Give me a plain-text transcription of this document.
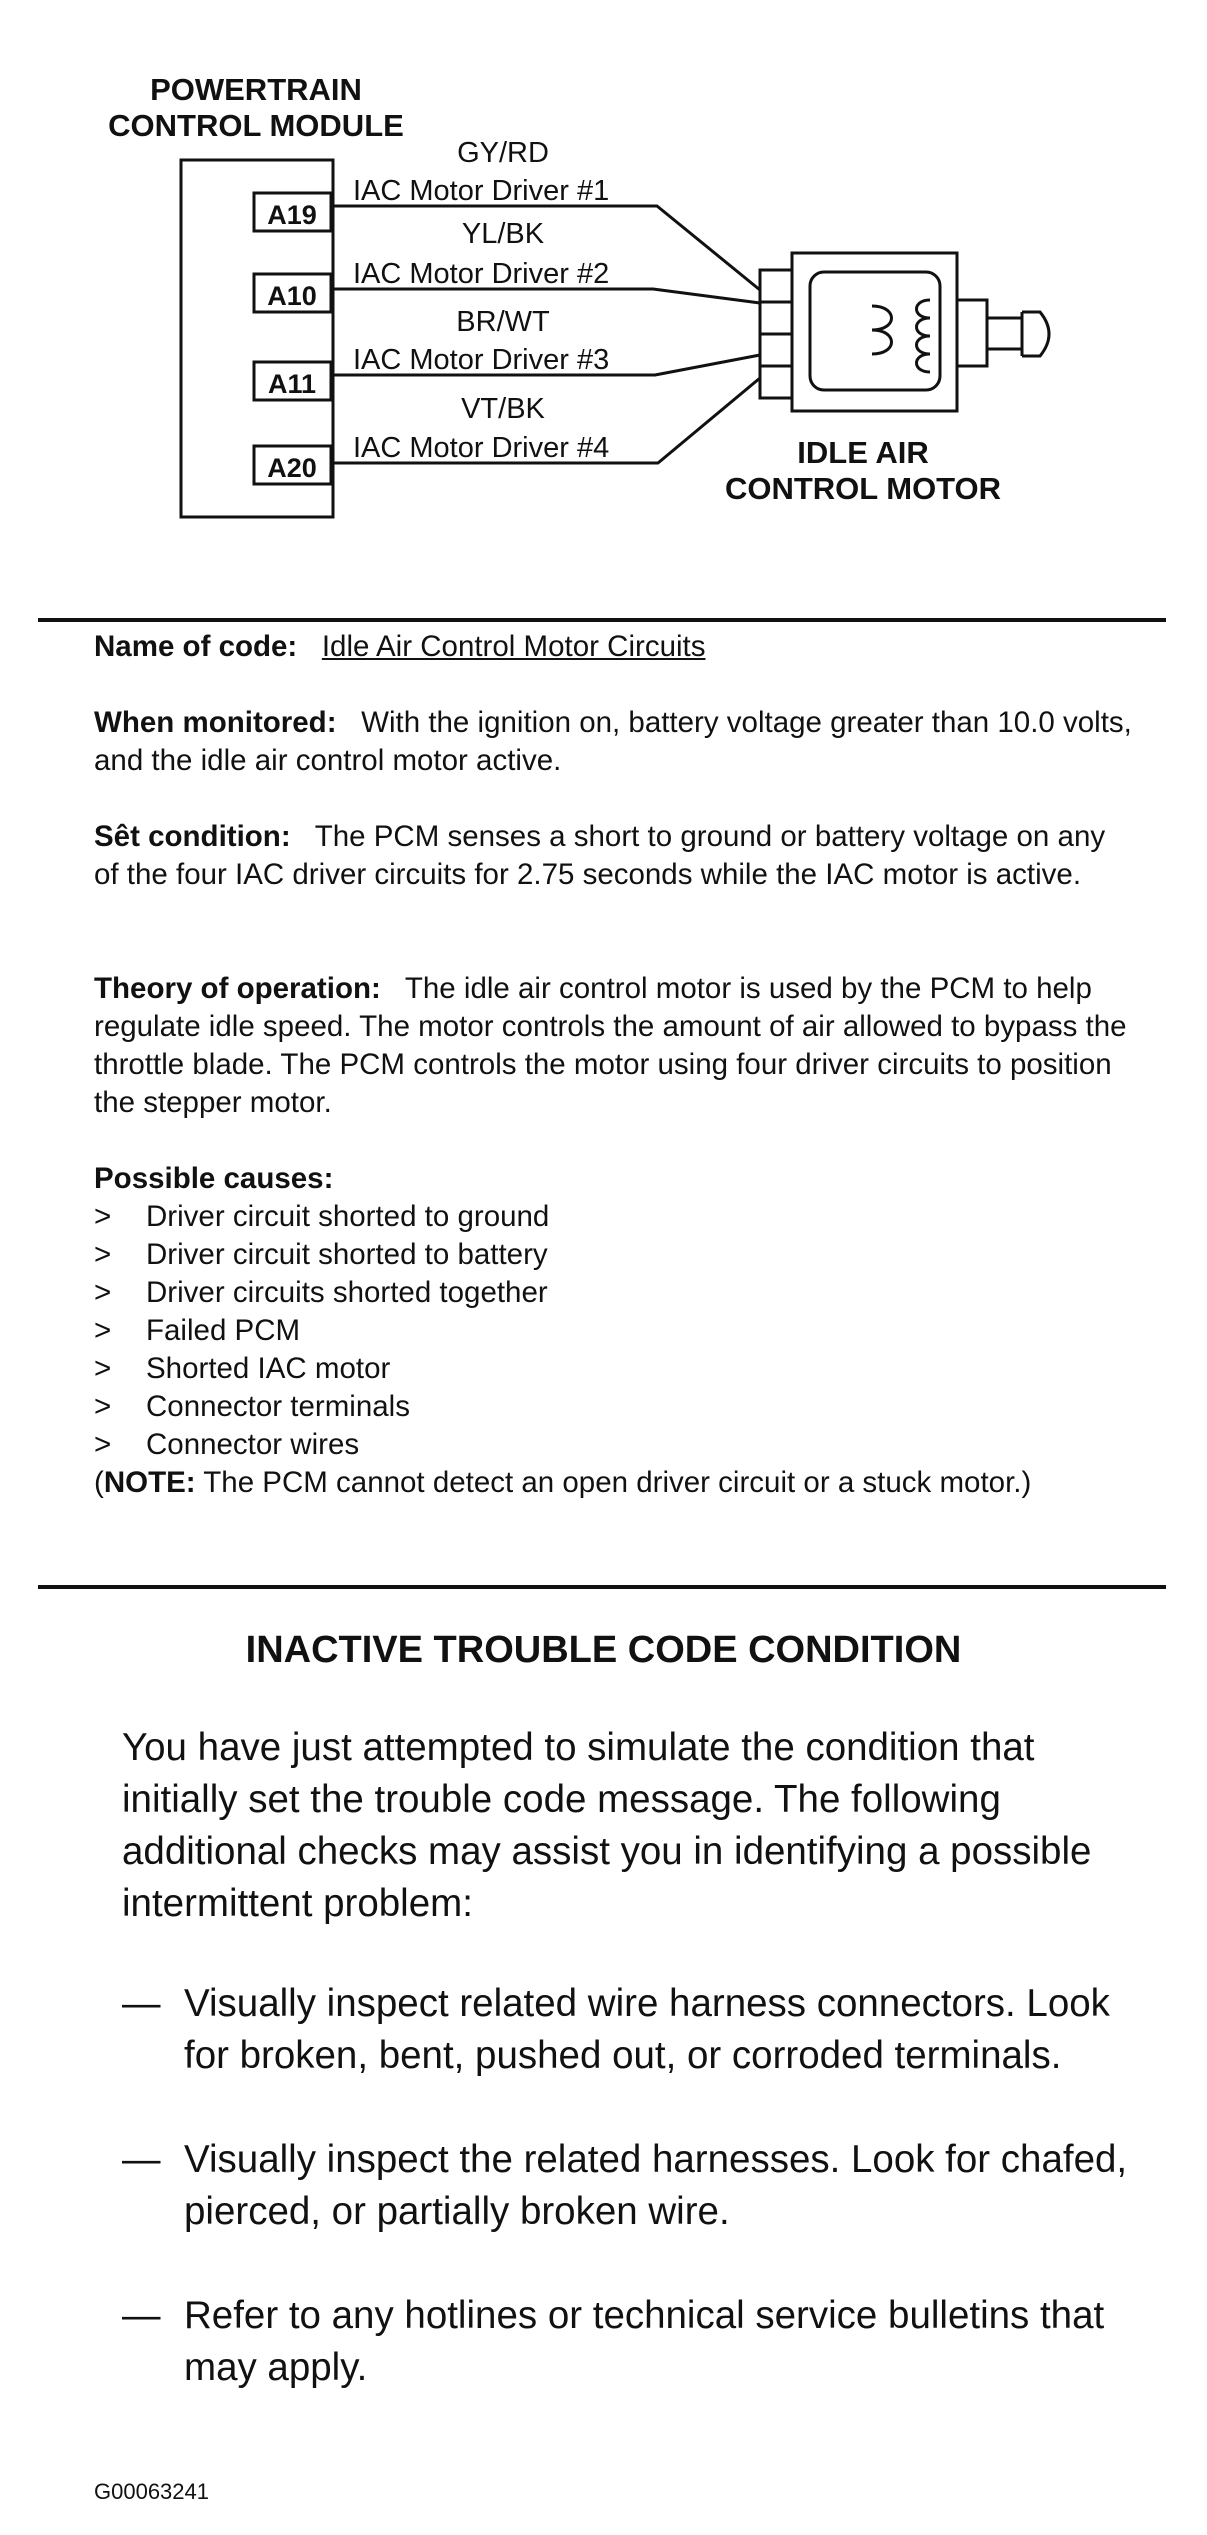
POWERTRAIN
CONTROL MODULE
A19
A10
A11
A20
GY/RD
IAC Motor Driver #1
YL/BK
IAC Motor Driver #2
BR/WT
IAC Motor Driver #3
VT/BK
IAC Motor Driver #4	IDLE AIR
CONTROL MOTOR
Name of code: Idle Air Control Motor Circuits
When monitored: With the ignition on, battery voltage greater than 10.0 volts, and the idle air control motor active.
Sêt condition: The PCM senses a short to ground or battery voltage on any of the four IAC driver circuits for 2.75 seconds while the IAC motor is active.
Theory of operation: The idle air control motor is used by the PCM to help regulate idle speed. The motor controls the amount of air allowed to bypass the throttle blade. The PCM controls the motor using four driver circuits to position the stepper motor.
Possible causes:
>	Driver circuit shorted to ground
>	Driver circuit shorted to battery
>	Driver circuits shorted together
>	Failed PCM
>	Shorted IAC motor
>	Connector terminals
>	Connector wires
(NOTE: The PCM cannot detect an open driver circuit or a stuck motor.)
INACTIVE TROUBLE CODE CONDITION
You have just attempted to simulate the condition that initially set the trouble code message. The following additional checks may assist you in identifying a possible intermittent problem:
— Visually inspect related wire harness connectors. Look for broken, bent, pushed out, or corroded terminals.
— Visually inspect the related harnesses. Look for chafed, pierced, or partially broken wire.
— Refer to any hotlines or technical service bulletins that may apply.
G00063241
